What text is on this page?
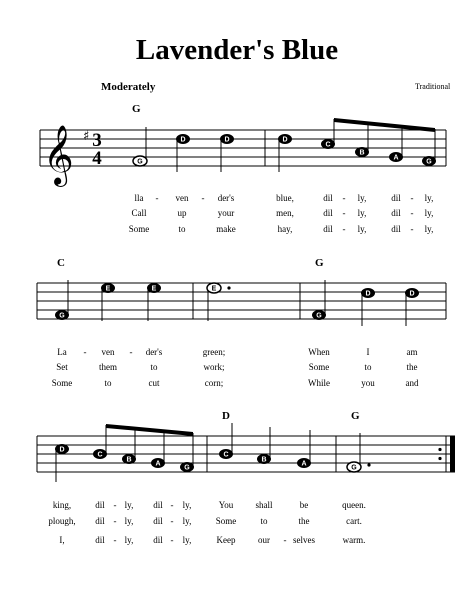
Lavender's Blue
Moderately	Traditional
𝄞 ♯ 3
4
G
G
D	D	D
C
B
A
G
lla - ven - der's	blue,	dil - ly,	dil - ly,
Call	up	your	men,	dil - ly,	dil - ly,
Some	to	make	hay,	dil - ly,	dil - ly,
C	G
G
E	E	E
G
D	D
La - ven - der's	green;	When	I	am
Set	them	to	work;	Some	to	the
Some	to	cut	corn;	While	you	and
D	G
D
C
B
A
G
C
B
A
G
king,	dil - ly, dil - ly,	You shall	be	queen.
plough, dil - ly, dil - ly,	Some	to	the	cart.
I,	dil - ly, dil - ly,	Keep	our - selves	warm.
